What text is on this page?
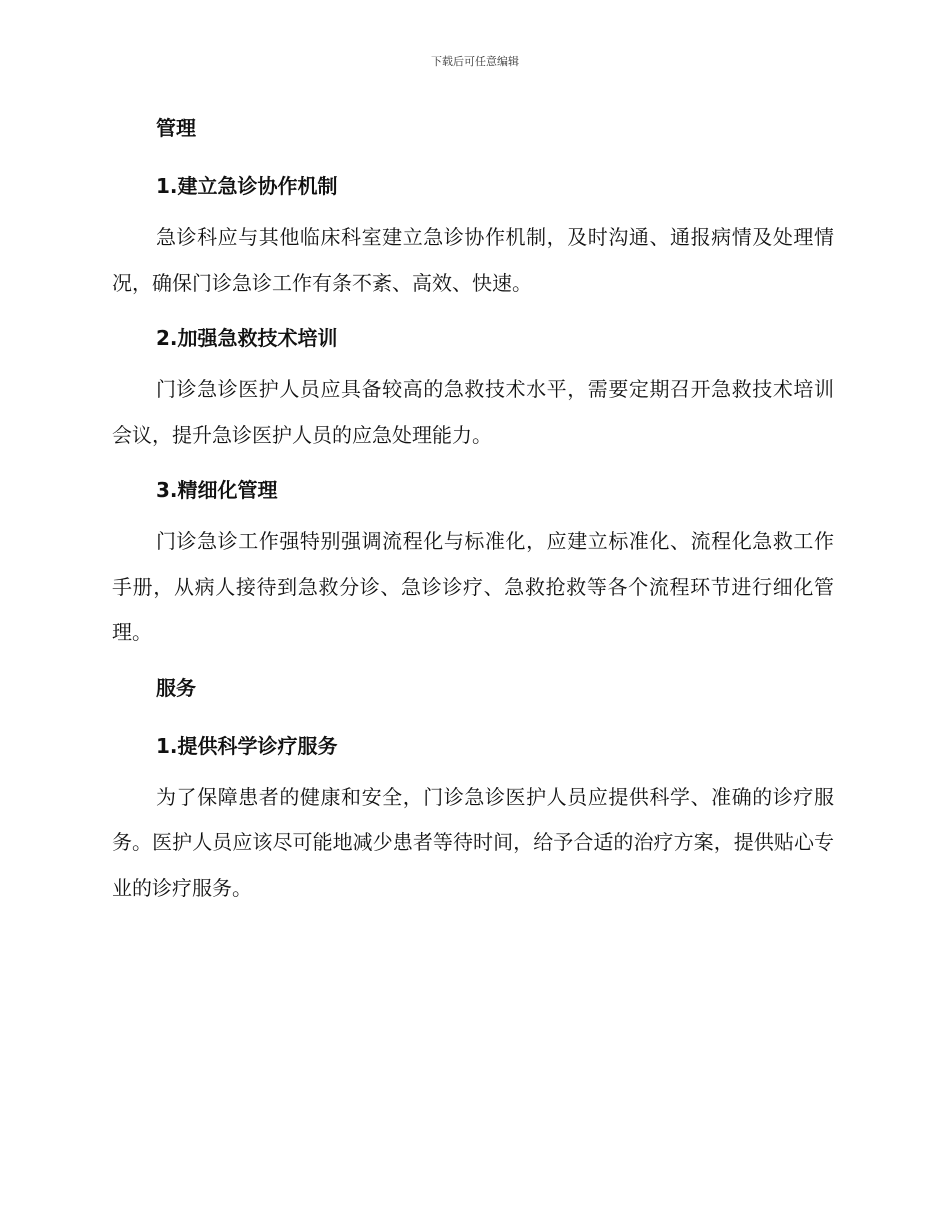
下载后可任意编辑
管理
1.建立急诊协作机制

急诊科应与其他临床科室建立急诊协作机制，及时沟通、通报病情及处理情况，确保门诊急诊工作有条不紊、高效、快速。

2.加强急救技术培训

门诊急诊医护人员应具备较高的急救技术水平，需要定期召开急救技术培训会议，提升急诊医护人员的应急处理能力。

3.精细化管理

门诊急诊工作强特别强调流程化与标准化，应建立标准化、流程化急救工作手册，从病人接待到急救分诊、急诊诊疗、急救抢救等各个流程环节进行细化管理。

服务
1.提供科学诊疗服务

为了保障患者的健康和安全，门诊急诊医护人员应提供科学、准确的诊疗服务。医护人员应该尽可能地减少患者等待时间，给予合适的治疗方案，提供贴心专业的诊疗服务。
